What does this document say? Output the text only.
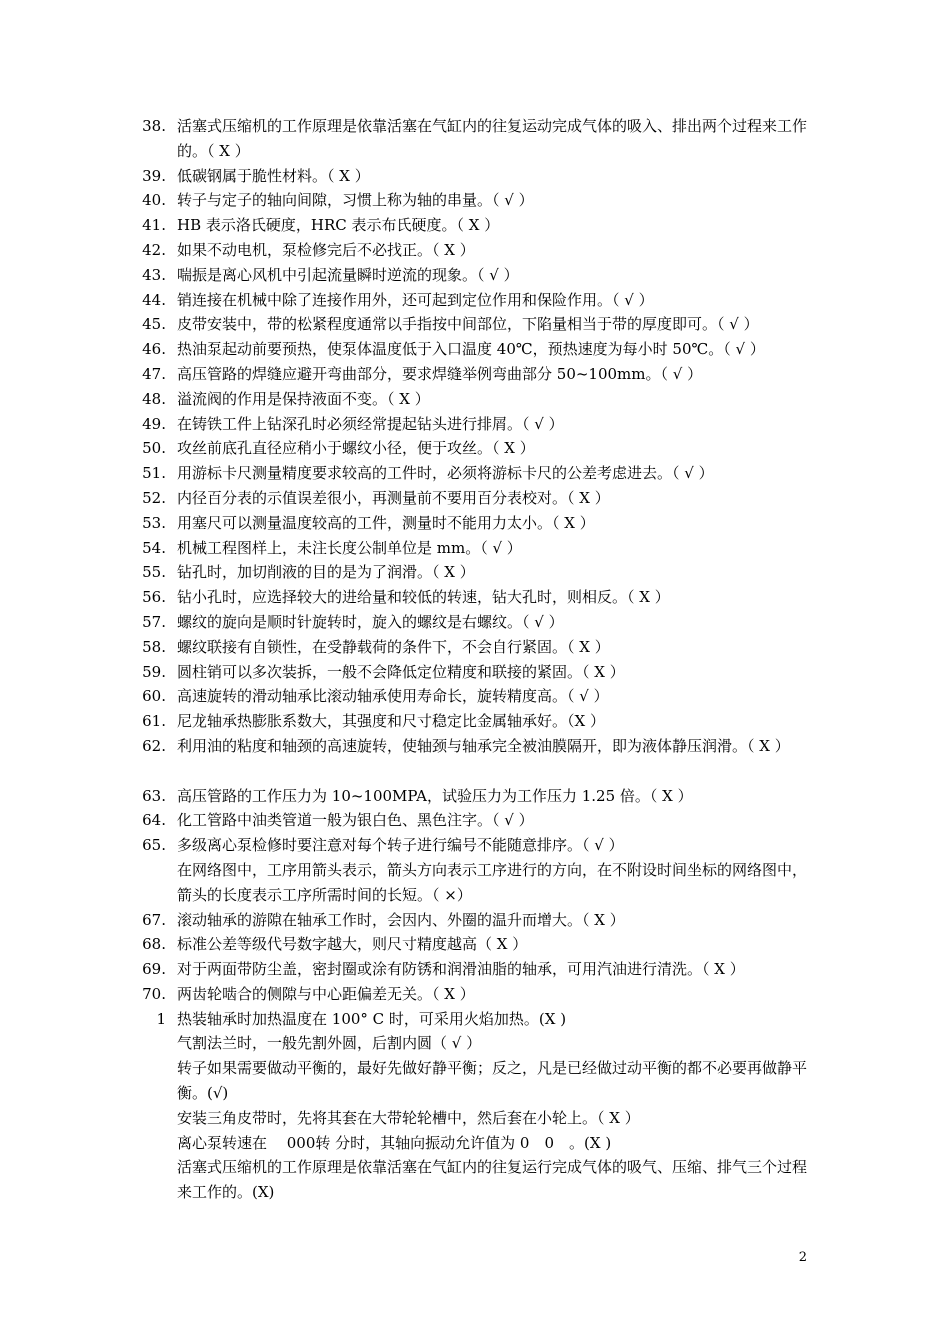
38. 活塞式压缩机的工作原理是依靠活塞在气缸内的往复运动完成气体的吸入、排出两个过程来工作的。（ X ）
39. 低碳钢属于脆性材料。（ X ）
40. 转子与定子的轴向间隙，习惯上称为轴的串量。（ √ ）
41. HB 表示洛氏硬度，HRC 表示布氏硬度。（ X ）
42. 如果不动电机，泵检修完后不必找正。（ X ）
43. 喘振是离心风机中引起流量瞬时逆流的现象。（ √ ）
44. 销连接在机械中除了连接作用外，还可起到定位作用和保险作用。（ √ ）
45. 皮带安装中，带的松紧程度通常以手指按中间部位，下陷量相当于带的厚度即可。（ √ ）
46. 热油泵起动前要预热，使泵体温度低于入口温度 40℃，预热速度为每小时 50℃。（ √ ）
47. 高压管路的焊缝应避开弯曲部分，要求焊缝举例弯曲部分 50~100mm。（ √ ）
48. 溢流阀的作用是保持液面不变。（ X ）
49. 在铸铁工件上钻深孔时必须经常提起钻头进行排屑。（ √ ）
50. 攻丝前底孔直径应稍小于螺纹小径，便于攻丝。（ X ）
51. 用游标卡尺测量精度要求较高的工件时，必须将游标卡尺的公差考虑进去。（ √ ）
52. 内径百分表的示值误差很小，再测量前不要用百分表校对。（ X ）
53. 用塞尺可以测量温度较高的工件，测量时不能用力太小。（ X ）
54. 机械工程图样上，未注长度公制单位是 mm。（ √ ）
55. 钻孔时，加切削液的目的是为了润滑。（ X ）
56. 钻小孔时，应选择较大的进给量和较低的转速，钻大孔时，则相反。（ X ）
57. 螺纹的旋向是顺时针旋转时，旋入的螺纹是右螺纹。（ √ ）
58. 螺纹联接有自锁性，在受静载荷的条件下，不会自行紧固。（ X ）
59. 圆柱销可以多次装拆，一般不会降低定位精度和联接的紧固。（ X ）
60. 高速旋转的滑动轴承比滚动轴承使用寿命长，旋转精度高。（ √ ）
61. 尼龙轴承热膨胀系数大，其强度和尺寸稳定比金属轴承好。（X ）
62. 利用油的粘度和轴颈的高速旋转，使轴颈与轴承完全被油膜隔开，即为液体静压润滑。（ X ）
63. 高压管路的工作压力为 10~100MPA，试验压力为工作压力 1.25 倍。（ X ）
64. 化工管路中油类管道一般为银白色、黑色注字。（ √ ）
65. 多级离心泵检修时要注意对每个转子进行编号不能随意排序。（ √ ）
在网络图中，工序用箭头表示，箭头方向表示工序进行的方向，在不附设时间坐标的网络图中，箭头的长度表示工序所需时间的长短。（ ×）
67. 滚动轴承的游隙在轴承工作时，会因内、外圈的温升而增大。（ X ）
68. 标准公差等级代号数字越大，则尺寸精度越高（ X ）
69. 对于两面带防尘盖，密封圈或涂有防锈和润滑油脂的轴承，可用汽油进行清洗。（ X ）
70. 两齿轮啮合的侧隙与中心距偏差无关。（ X ）
1 热装轴承时加热温度在 100° C 时，可采用火焰加热。(X )
气割法兰时，一般先割外圆，后割内圆（ √ ）
转子如果需要做动平衡的，最好先做好静平衡；反之，凡是已经做过动平衡的都不必要再做静平衡。(√)
安装三角皮带时，先将其套在大带轮轮槽中，然后套在小轮上。（ X ）
离心泵转速在　 000转 分时，其轴向振动允许值为 0　0　。(X )
活塞式压缩机的工作原理是依靠活塞在气缸内的往复运行完成气体的吸气、压缩、排气三个过程来工作的。(X)
2
